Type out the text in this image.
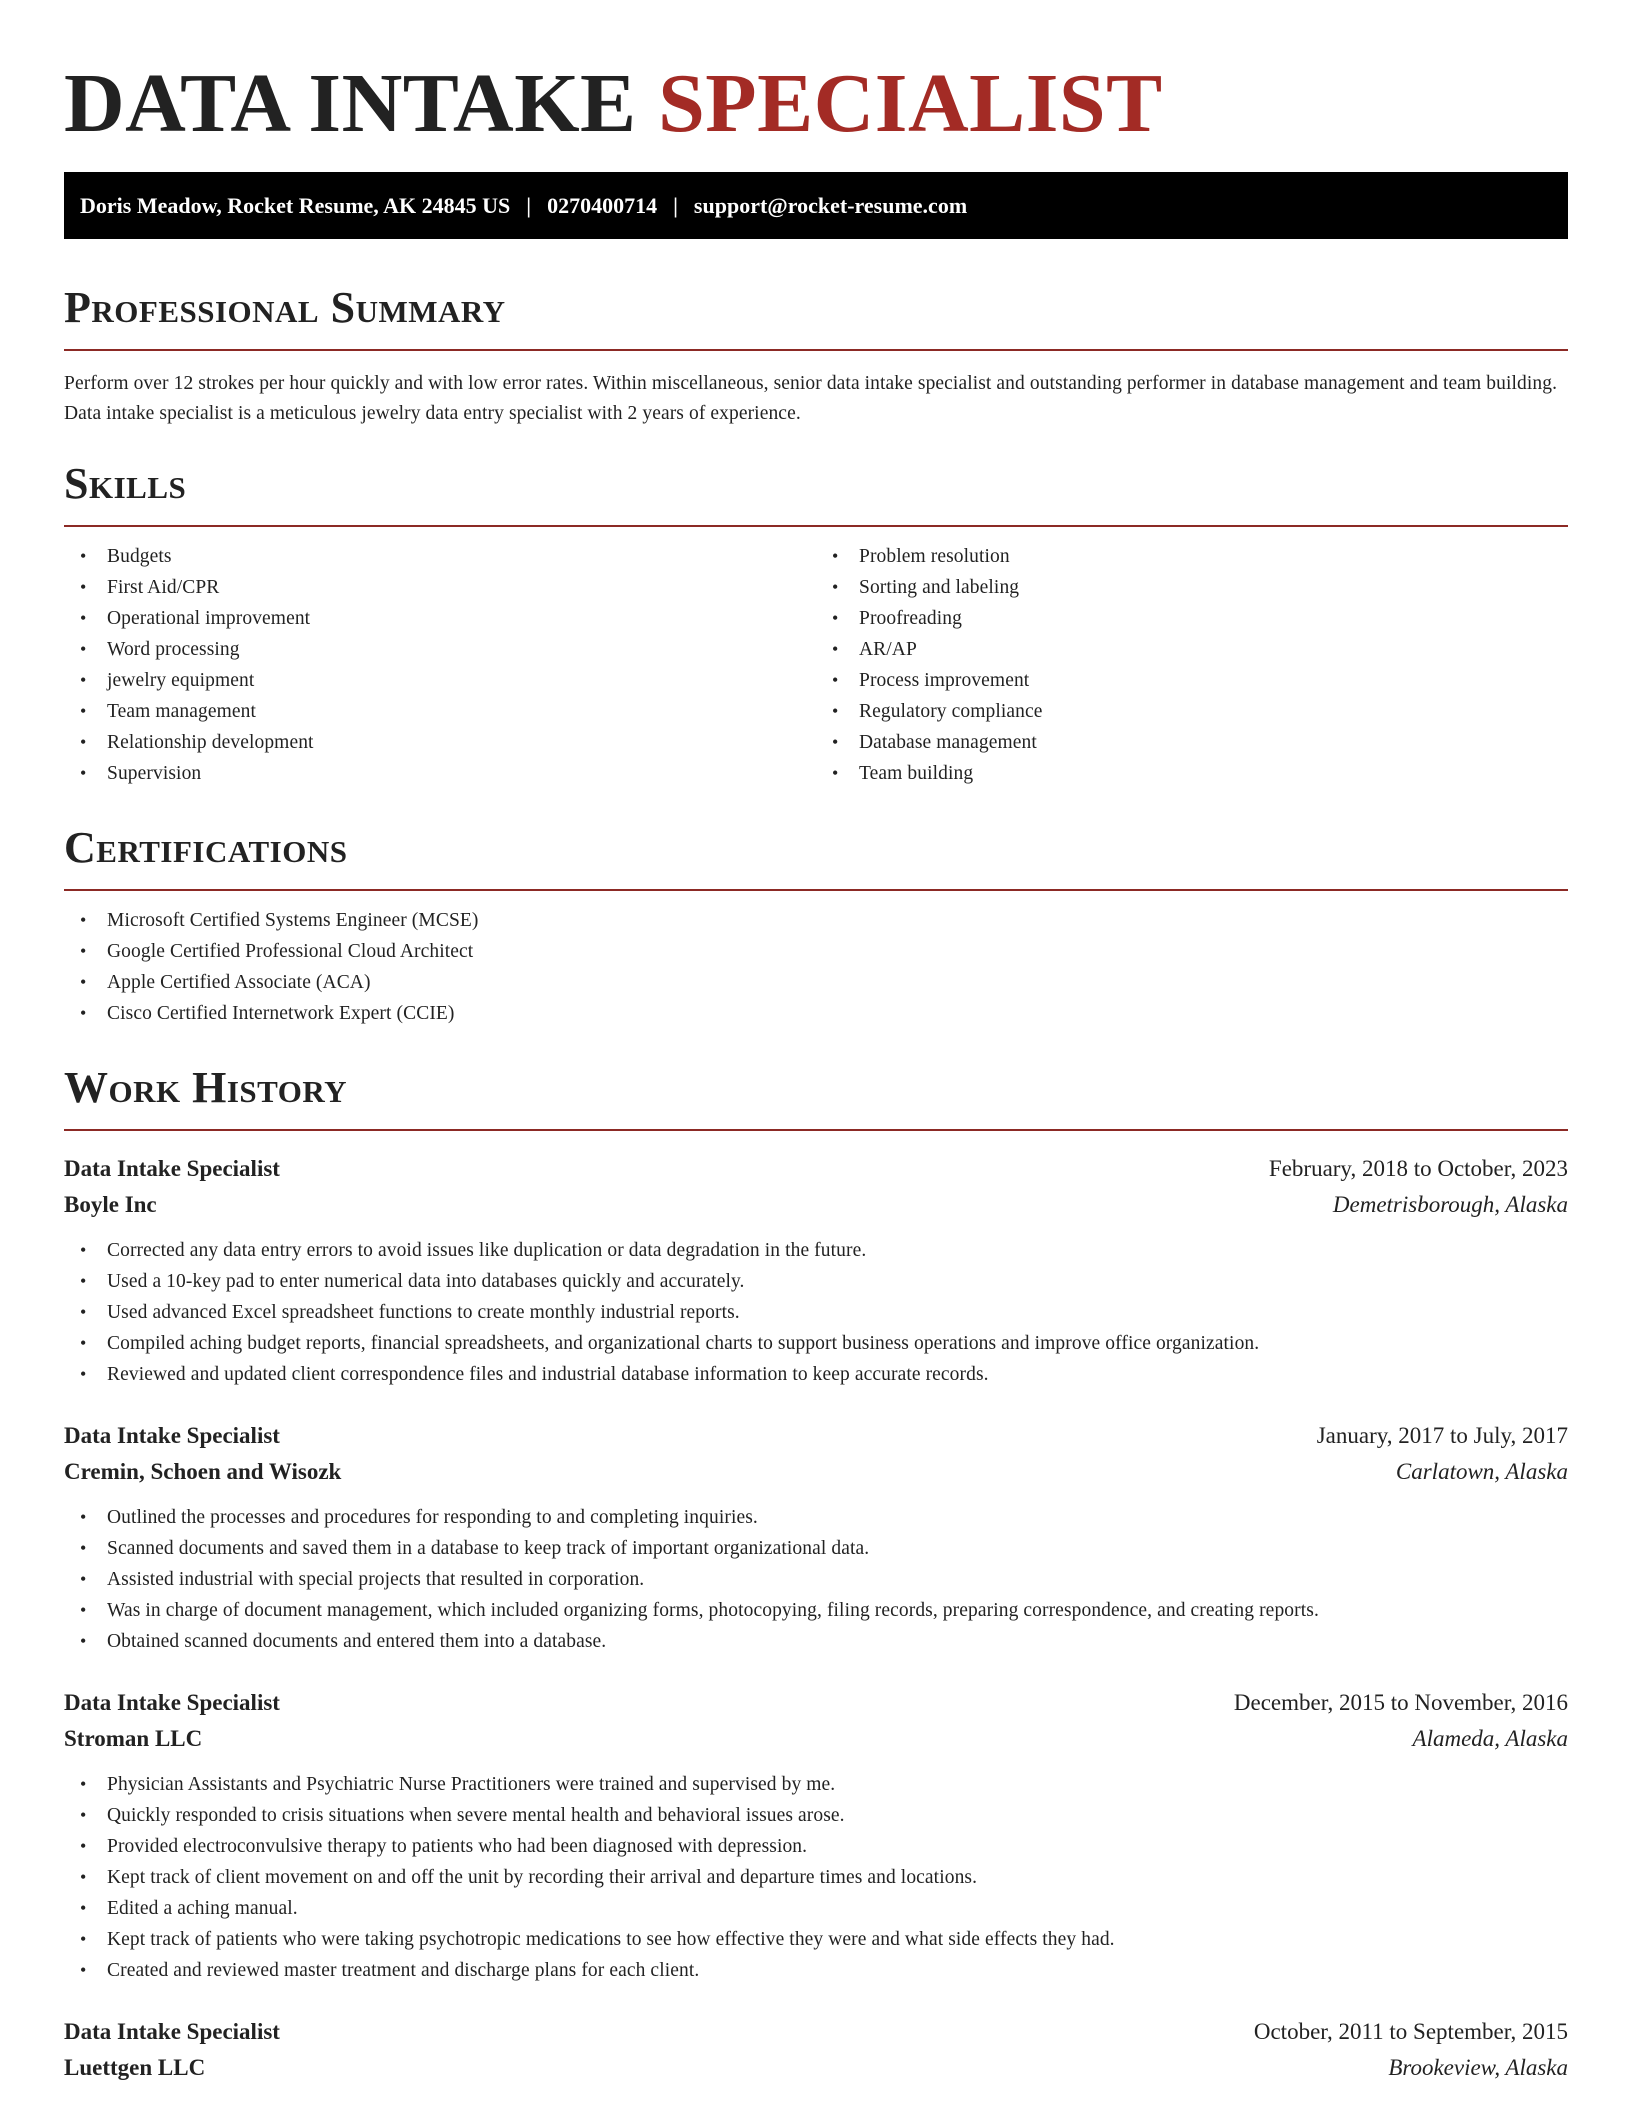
DATA INTAKE SPECIALIST
Doris Meadow, Rocket Resume, AK 24845 US | 0270400714 | support@rocket-resume.com
Professional Summary

Perform over 12 strokes per hour quickly and with low error rates. Within miscellaneous, senior data intake specialist and outstanding performer in database management and team building. Data intake specialist is a meticulous jewelry data entry specialist with 2 years of experience.

Skills
• Budgets
• First Aid/CPR
• Operational improvement
• Word processing
• jewelry equipment
• Team management
• Relationship development
• Supervision
• Problem resolution
• Sorting and labeling
• Proofreading
• AR/AP
• Process improvement
• Regulatory compliance
• Database management
• Team building
Certifications
• Microsoft Certified Systems Engineer (MCSE)
• Google Certified Professional Cloud Architect
• Apple Certified Associate (ACA)
• Cisco Certified Internetwork Expert (CCIE)
Work History
Data Intake Specialist	February, 2018 to October, 2023
Boyle Inc	Demetrisborough, Alaska
• Corrected any data entry errors to avoid issues like duplication or data degradation in the future.
• Used a 10-key pad to enter numerical data into databases quickly and accurately.
• Used advanced Excel spreadsheet functions to create monthly industrial reports.
• Compiled aching budget reports, financial spreadsheets, and organizational charts to support business operations and improve office organization.
• Reviewed and updated client correspondence files and industrial database information to keep accurate records.
Data Intake Specialist	January, 2017 to July, 2017
Cremin, Schoen and Wisozk	Carlatown, Alaska
• Outlined the processes and procedures for responding to and completing inquiries.
• Scanned documents and saved them in a database to keep track of important organizational data.
• Assisted industrial with special projects that resulted in corporation.
• Was in charge of document management, which included organizing forms, photocopying, filing records, preparing correspondence, and creating reports.
• Obtained scanned documents and entered them into a database.
Data Intake Specialist	December, 2015 to November, 2016
Stroman LLC	Alameda, Alaska
• Physician Assistants and Psychiatric Nurse Practitioners were trained and supervised by me.
• Quickly responded to crisis situations when severe mental health and behavioral issues arose.
• Provided electroconvulsive therapy to patients who had been diagnosed with depression.
• Kept track of client movement on and off the unit by recording their arrival and departure times and locations.
• Edited a aching manual.
• Kept track of patients who were taking psychotropic medications to see how effective they were and what side effects they had.
• Created and reviewed master treatment and discharge plans for each client.
Data Intake Specialist	October, 2011 to September, 2015
Luettgen LLC	Brookeview, Alaska
